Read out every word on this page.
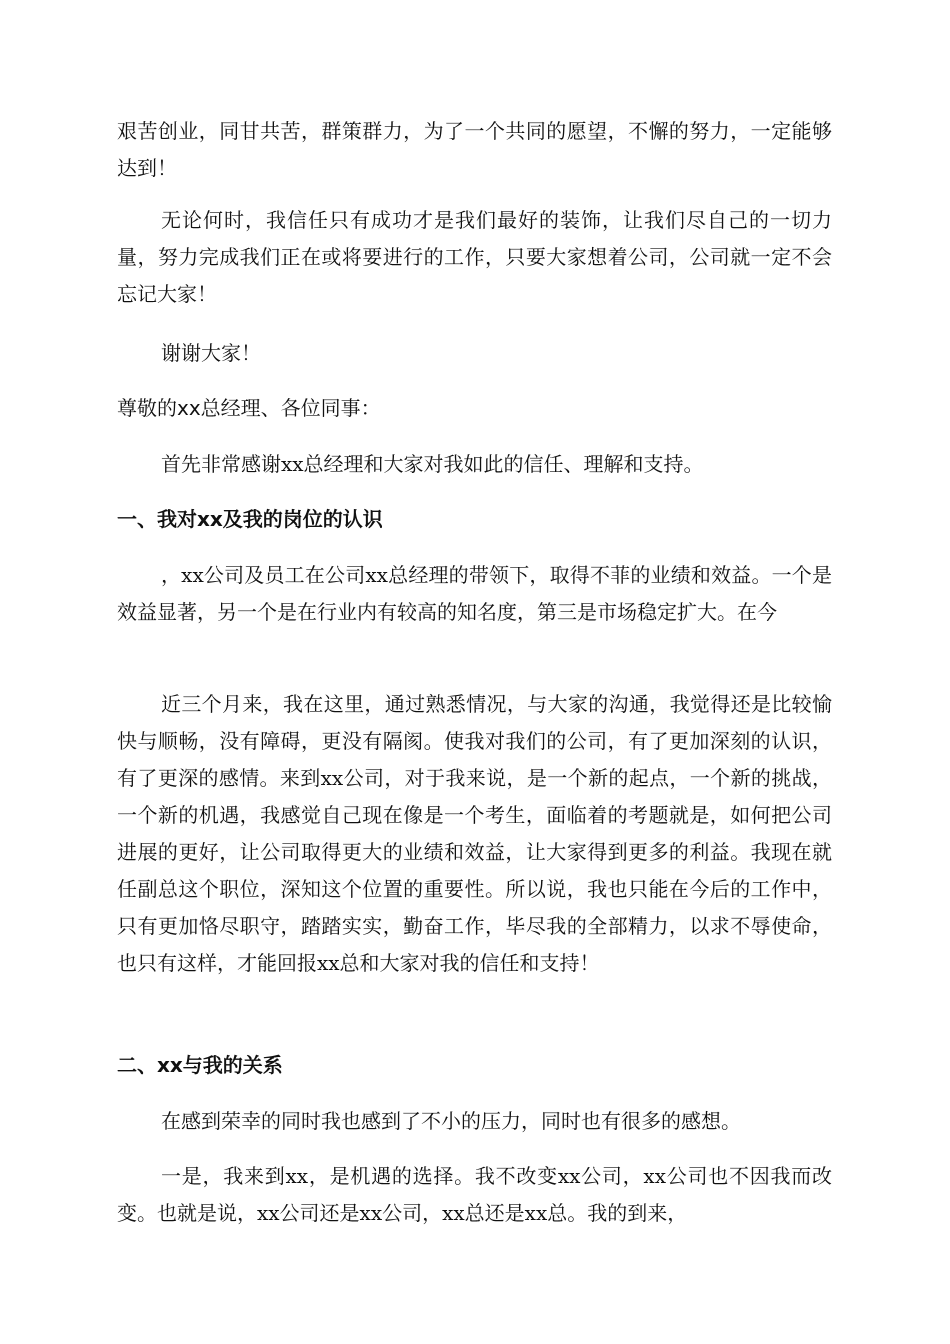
艰苦创业，同甘共苦，群策群力，为了一个共同的愿望，不懈的努力，一定能够达到！

无论何时，我信任只有成功才是我们最好的装饰，让我们尽自己的一切力量，努力完成我们正在或将要进行的工作，只要大家想着公司，公司就一定不会忘记大家！

谢谢大家！

尊敬的xx总经理、各位同事：

首先非常感谢xx总经理和大家对我如此的信任、理解和支持。

一、我对xx及我的岗位的认识

，xx公司及员工在公司xx总经理的带领下，取得不菲的业绩和效益。一个是效益显著，另一个是在行业内有较高的知名度，第三是市场稳定扩大。在今

近三个月来，我在这里，通过熟悉情况，与大家的沟通，我觉得还是比较愉快与顺畅，没有障碍，更没有隔阂。使我对我们的公司，有了更加深刻的认识，有了更深的感情。来到xx公司，对于我来说，是一个新的起点，一个新的挑战，一个新的机遇，我感觉自己现在像是一个考生，面临着的考题就是，如何把公司进展的更好，让公司取得更大的业绩和效益，让大家得到更多的利益。我现在就任副总这个职位，深知这个位置的重要性。所以说，我也只能在今后的工作中，只有更加恪尽职守，踏踏实实，勤奋工作，毕尽我的全部精力，以求不辱使命，也只有这样，才能回报xx总和大家对我的信任和支持！

二、xx与我的关系

在感到荣幸的同时我也感到了不小的压力，同时也有很多的感想。

一是，我来到xx，是机遇的选择。我不改变xx公司，xx公司也不因我而改变。也就是说，xx公司还是xx公司，xx总还是xx总。我的到来，
